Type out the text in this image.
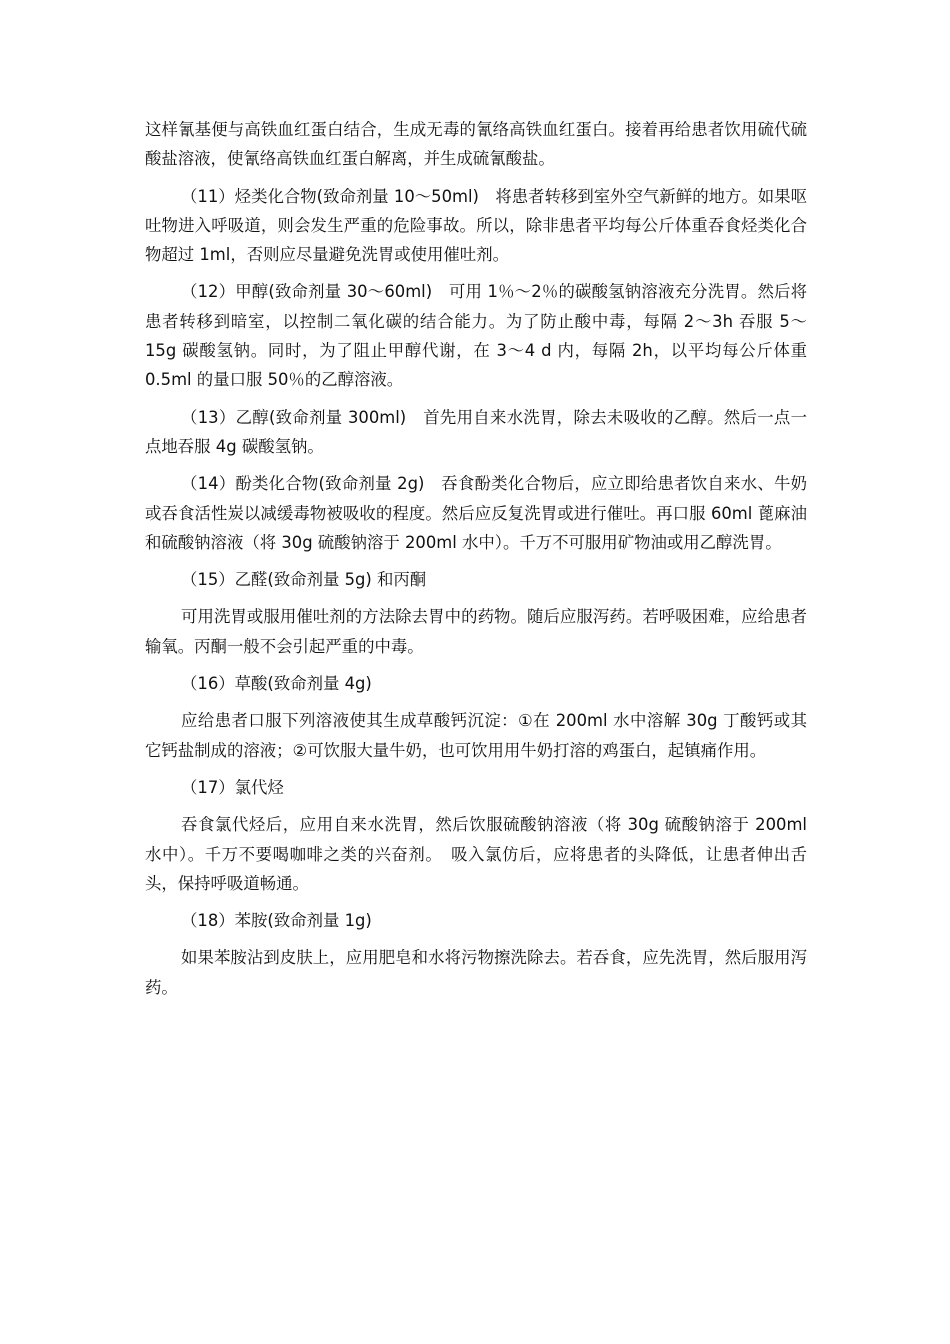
这样氰基便与高铁血红蛋白结合，生成无毒的氰络高铁血红蛋白。接着再给患者饮用硫代硫酸盐溶液，使氰络高铁血红蛋白解离，并生成硫氰酸盐。

（11）烃类化合物(致命剂量 10～50ml)　将患者转移到室外空气新鲜的地方。如果呕吐物进入呼吸道，则会发生严重的危险事故。所以，除非患者平均每公斤体重吞食烃类化合物超过 1ml，否则应尽量避免洗胃或使用催吐剂。

（12）甲醇(致命剂量 30～60ml)　可用 1％～2％的碳酸氢钠溶液充分洗胃。然后将患者转移到暗室，以控制二氧化碳的结合能力。为了防止酸中毒，每隔 2～3h 吞服 5～15g 碳酸氢钠。同时，为了阻止甲醇代谢，在 3～4 d 内，每隔 2h，以平均每公斤体重 0.5ml 的量口服 50％的乙醇溶液。

（13）乙醇(致命剂量 300ml)　首先用自来水洗胃，除去未吸收的乙醇。然后一点一点地吞服 4g 碳酸氢钠。

（14）酚类化合物(致命剂量 2g)　吞食酚类化合物后，应立即给患者饮自来水、牛奶或吞食活性炭以减缓毒物被吸收的程度。然后应反复洗胃或进行催吐。再口服 60ml 蓖麻油和硫酸钠溶液（将 30g 硫酸钠溶于 200ml 水中）。千万不可服用矿物油或用乙醇洗胃。

（15）乙醛(致命剂量 5g) 和丙酮

可用洗胃或服用催吐剂的方法除去胃中的药物。随后应服泻药。若呼吸困难，应给患者输氧。丙酮一般不会引起严重的中毒。

（16）草酸(致命剂量 4g)

应给患者口服下列溶液使其生成草酸钙沉淀：①在 200ml 水中溶解 30g 丁酸钙或其它钙盐制成的溶液；②可饮服大量牛奶，也可饮用用牛奶打溶的鸡蛋白，起镇痛作用。

（17）氯代烃

吞食氯代烃后，应用自来水洗胃，然后饮服硫酸钠溶液（将 30g 硫酸钠溶于 200ml 水中）。千万不要喝咖啡之类的兴奋剂。　吸入氯仿后，应将患者的头降低，让患者伸出舌头，保持呼吸道畅通。

（18）苯胺(致命剂量 1g)

如果苯胺沾到皮肤上，应用肥皂和水将污物擦洗除去。若吞食，应先洗胃，然后服用泻药。
